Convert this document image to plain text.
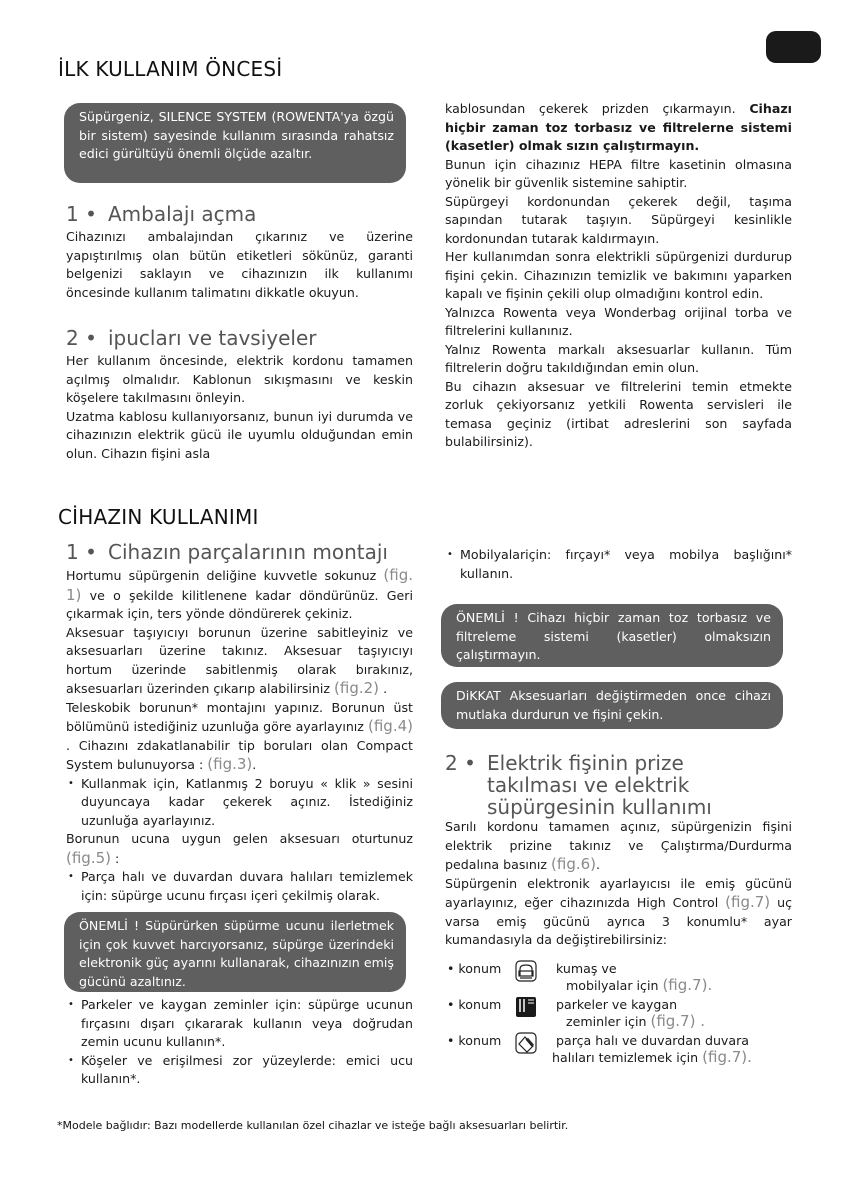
İLK KULLANIM ÖNCESİ
Süpürgeniz, SILENCE SYSTEM (ROWENTA'ya özgü bir sistem) sayesinde kullanım sırasında rahatsız edici gürültüyü önemli ölçüde azaltır.
1 • Ambalajı açma

Cihazınızı ambalajından çıkarınız ve üzerine yapıştırılmış olan bütün etiketleri sökünüz, garanti belgenizi saklayın ve cihazınızın ilk kullanımı öncesinde kullanım talimatını dikkatle okuyun.

2 • ipucları ve tavsiyeler

Her kullanım öncesinde, elektrik kordonu tamamen açılmış olmalıdır. Kablonun sıkışmasını ve keskin köşelere takılmasını önleyin.

Uzatma kablosu kullanıyorsanız, bunun iyi durumda ve cihazınızın elektrik gücü ile uyumlu olduğundan emin olun. Cihazın fişini asla

kablosundan çekerek prizden çıkarmayın. Cihazı hiçbir zaman toz torbasız ve filtrelerne sistemi (kasetler) olmak sızın çalıştırmayın.

Bunun için cihazınız HEPA filtre kasetinin olmasına yönelik bir güvenlik sistemine sahiptir.

Süpürgeyi kordonundan çekerek değil, taşıma sapından tutarak taşıyın. Süpürgeyi kesinlikle kordonundan tutarak kaldırmayın.

Her kullanımdan sonra elektrikli süpürgenizi durdurup fişini çekin. Cihazınızın temizlik ve bakımını yaparken kapalı ve fişinin çekili olup olmadığını kontrol edin.

Yalnızca Rowenta veya Wonderbag orijinal torba ve filtrelerini kullanınız.

Yalnız Rowenta markalı aksesuarlar kullanın. Tüm filtrelerin doğru takıldığından emin olun.

Bu cihazın aksesuar ve filtrelerini temin etmekte zorluk çekiyorsanız yetkili Rowenta servisleri ile temasa geçiniz (irtibat adreslerini son sayfada bulabilirsiniz).

CİHAZIN KULLANIMI
1 • Cihazın parçalarının montajı

Hortumu süpürgenin deliğine kuvvetle sokunuz (fig. 1) ve o şekilde kilitlenene kadar döndürünüz. Geri çıkarmak için, ters yönde döndürerek çekiniz.

Aksesuar taşıyıcıyı borunun üzerine sabitleyiniz ve aksesuarları üzerine takınız. Aksesuar taşıyıcıyı hortum üzerinde sabitlenmiş olarak bırakınız, aksesuarları üzerinden çıkarıp alabilirsiniz (fig.2) .

Teleskobik borunun* montajını yapınız. Borunun üst bölümünü istediğiniz uzunluğa göre ayarlayınız (fig.4) . Cihazını zdakatlanabilir tip boruları olan Compact System bulunuyorsa : (fig.3).

• Kullanmak için, Katlanmış 2 boruyu « klik » sesini duyuncaya kadar çekerek açınız. İstediğiniz uzunluğa ayarlayınız.

Borunun ucuna uygun gelen aksesuarı oturtunuz (fig.5) :

• Parça halı ve duvardan duvara halıları temizlemek için: süpürge ucunu fırçası içeri çekilmiş olarak.

ÖNEMLİ ! Süpürürken süpürme ucunu ilerletmek için çok kuvvet harcıyorsanız, süpürge üzerindeki elektronik güç ayarını kullanarak, cihazınızın emiş gücünü azaltınız.

• Parkeler ve kaygan zeminler için: süpürge ucunun fırçasını dışarı çıkararak kullanın veya doğrudan zemin ucunu kullanın*.

• Köşeler ve erişilmesi zor yüzeylerde: emici ucu kullanın*.

• Mobilyalariçin: fırçayı* veya mobilya başlığını* kullanın.

ÖNEMLİ ! Cihazı hiçbir zaman toz torbasız ve filtreleme sistemi (kasetler) olmaksızın çalıştırmayın.
DiKKAT Aksesuarları değiştirmeden once cihazı mutlaka durdurun ve fişini çekin.
2 • Elektrik fişinin prize
takılması ve elektrik
süpürgesinin kullanımı

Sarılı kordonu tamamen açınız, süpürgenizin fişini elektrik prizine takınız ve Çalıştırma/Durdurma pedalına basınız (fig.6).

Süpürgenin elektronik ayarlayıcısı ile emiş gücünü ayarlayınız, eğer cihazınızda High Control (fig.7) uç varsa emiş gücünü ayrıca 3 konumlu* ayar kumandasıyla da değiştirebilirsiniz:

• konum	kumaş ve
mobilyalar için (fig.7).
• konum	parkeler ve kaygan
zeminler için (fig.7) .
• konum	parça halı ve duvardan duvara
halıları temizlemek için (fig.7).
*Modele bağlıdır: Bazı modellerde kullanılan özel cihazlar ve isteğe bağlı aksesuarları belirtir.
